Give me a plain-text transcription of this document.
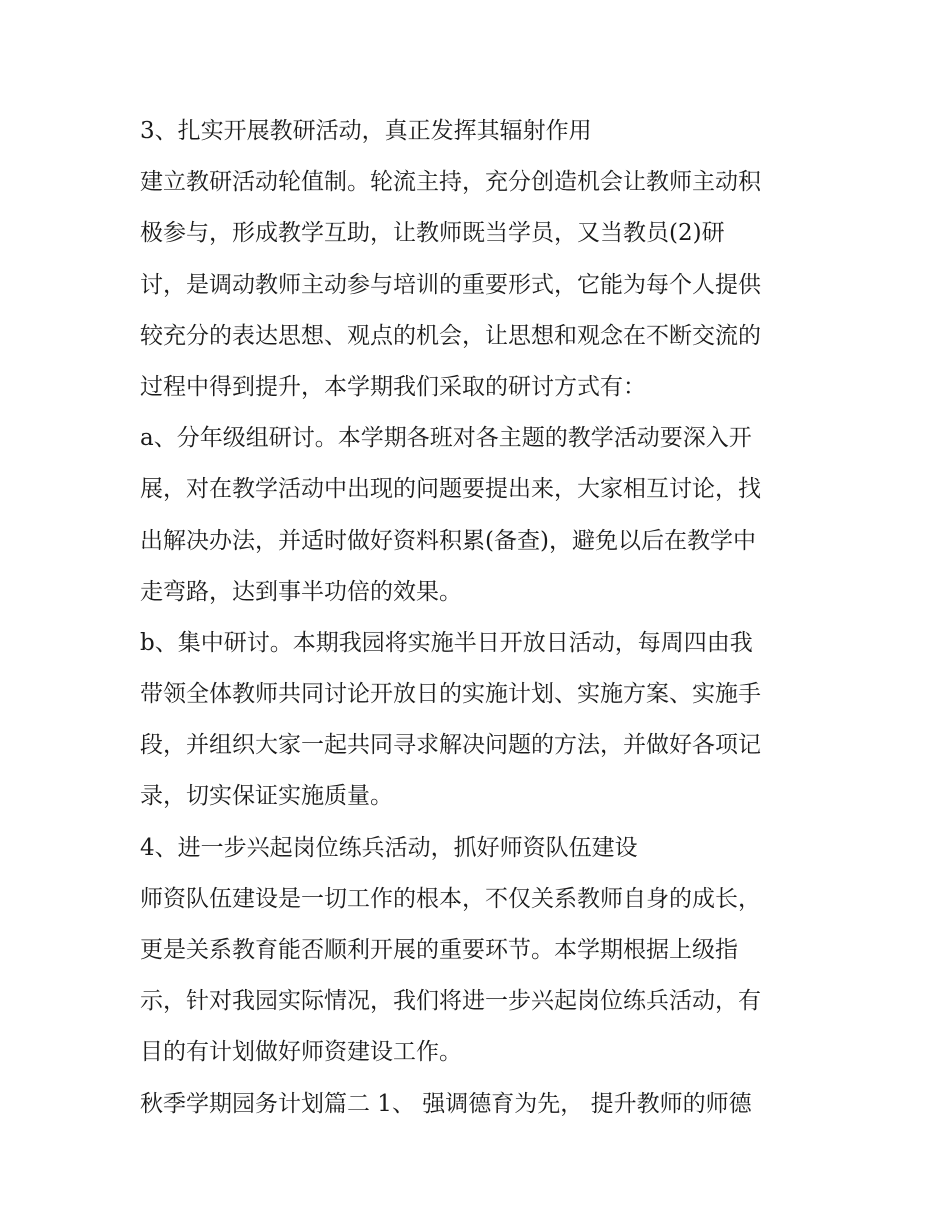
3、扎实开展教研活动，真正发挥其辐射作用
建立教研活动轮值制。轮流主持，充分创造机会让教师主动积
极参与，形成教学互助，让教师既当学员，又当教员(2)研
讨，是调动教师主动参与培训的重要形式，它能为每个人提供
较充分的表达思想、观点的机会，让思想和观念在不断交流的
过程中得到提升，本学期我们采取的研讨方式有：
a、分年级组研讨。本学期各班对各主题的教学活动要深入开
展，对在教学活动中出现的问题要提出来，大家相互讨论，找
出解决办法，并适时做好资料积累(备查)，避免以后在教学中
走弯路，达到事半功倍的效果。
b、集中研讨。本期我园将实施半日开放日活动，每周四由我
带领全体教师共同讨论开放日的实施计划、实施方案、实施手
段，并组织大家一起共同寻求解决问题的方法，并做好各项记
录，切实保证实施质量。
4、进一步兴起岗位练兵活动，抓好师资队伍建设
师资队伍建设是一切工作的根本，不仅关系教师自身的成长，
更是关系教育能否顺利开展的重要环节。本学期根据上级指
示，针对我园实际情况，我们将进一步兴起岗位练兵活动，有
目的有计划做好师资建设工作。
秋季学期园务计划篇二 1、 强调德育为先， 提升教师的师德
